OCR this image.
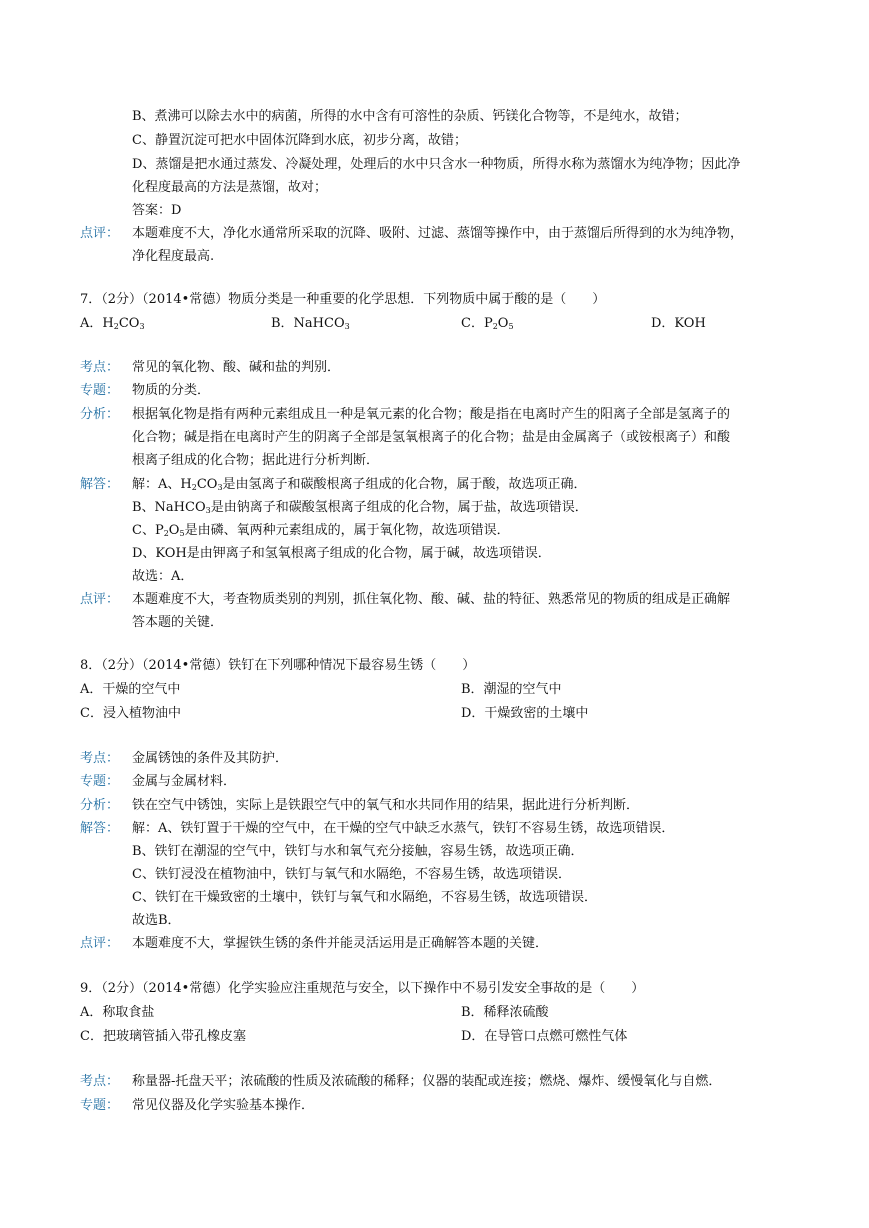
B、煮沸可以除去水中的病菌，所得的水中含有可溶性的杂质、钙镁化合物等，不是纯水，故错；
C、静置沉淀可把水中固体沉降到水底，初步分离，故错；
D、蒸馏是把水通过蒸发、冷凝处理，处理后的水中只含水一种物质，所得水称为蒸馏水为纯净物；因此净
化程度最高的方法是蒸馏，故对；
答案：D
点评： 本题难度不大，净化水通常所采取的沉降、吸附、过滤、蒸馏等操作中，由于蒸馏后所得到的水为纯净物，
净化程度最高.
7．（2分）（2014•常德）物质分类是一种重要的化学思想．下列物质中属于酸的是（　　）
A．$H_2CO_3$	B．NaHCO$_3$	C．$P_2O_5$	D．KOH
考点： 常见的氧化物、酸、碱和盐的判别．
专题： 物质的分类．
分析： 根据氧化物是指有两种元素组成且一种是氧元素的化合物；酸是指在电离时产生的阳离子全部是氢离子的
化合物；碱是指在电离时产生的阴离子全部是氢氧根离子的化合物；盐是由金属离子（或铵根离子）和酸
根离子组成的化合物；据此进行分析判断．
解答： 解：A、$H_2CO_3$是由氢离子和碳酸根离子组成的化合物，属于酸，故选项正确．
B、NaHCO$_3$是由钠离子和碳酸氢根离子组成的化合物，属于盐，故选项错误．
C、$P_2O_5$是由磷、氧两种元素组成的，属于氧化物，故选项错误．
D、KOH是由钾离子和氢氧根离子组成的化合物，属于碱，故选项错误．
故选：A．
点评： 本题难度不大，考查物质类别的判别，抓住氧化物、酸、碱、盐的特征、熟悉常见的物质的组成是正确解
答本题的关键．
8．（2分）（2014•常德）铁钉在下列哪种情况下最容易生锈（　　）
A．干燥的空气中	B．潮湿的空气中
C．浸入植物油中	D．干燥致密的土壤中
考点： 金属锈蚀的条件及其防护．
专题： 金属与金属材料．
分析： 铁在空气中锈蚀，实际上是铁跟空气中的氧气和水共同作用的结果，据此进行分析判断．
解答： 解：A、铁钉置于干燥的空气中，在干燥的空气中缺乏水蒸气，铁钉不容易生锈，故选项错误．
B、铁钉在潮湿的空气中，铁钉与水和氧气充分接触，容易生锈，故选项正确．
C、铁钉浸没在植物油中，铁钉与氧气和水隔绝，不容易生锈，故选项错误．
C、铁钉在干燥致密的土壤中，铁钉与氧气和水隔绝，不容易生锈，故选项错误．
故选B．
点评： 本题难度不大，掌握铁生锈的条件并能灵活运用是正确解答本题的关键．
9．（2分）（2014•常德）化学实验应注重规范与安全，以下操作中不易引发安全事故的是（　　）
A．称取食盐	B．稀释浓硫酸
C．把玻璃管插入带孔橡皮塞	D．在导管口点燃可燃性气体
考点： 称量器-托盘天平；浓硫酸的性质及浓硫酸的稀释；仪器的装配或连接；燃烧、爆炸、缓慢氧化与自燃．
专题： 常见仪器及化学实验基本操作．
